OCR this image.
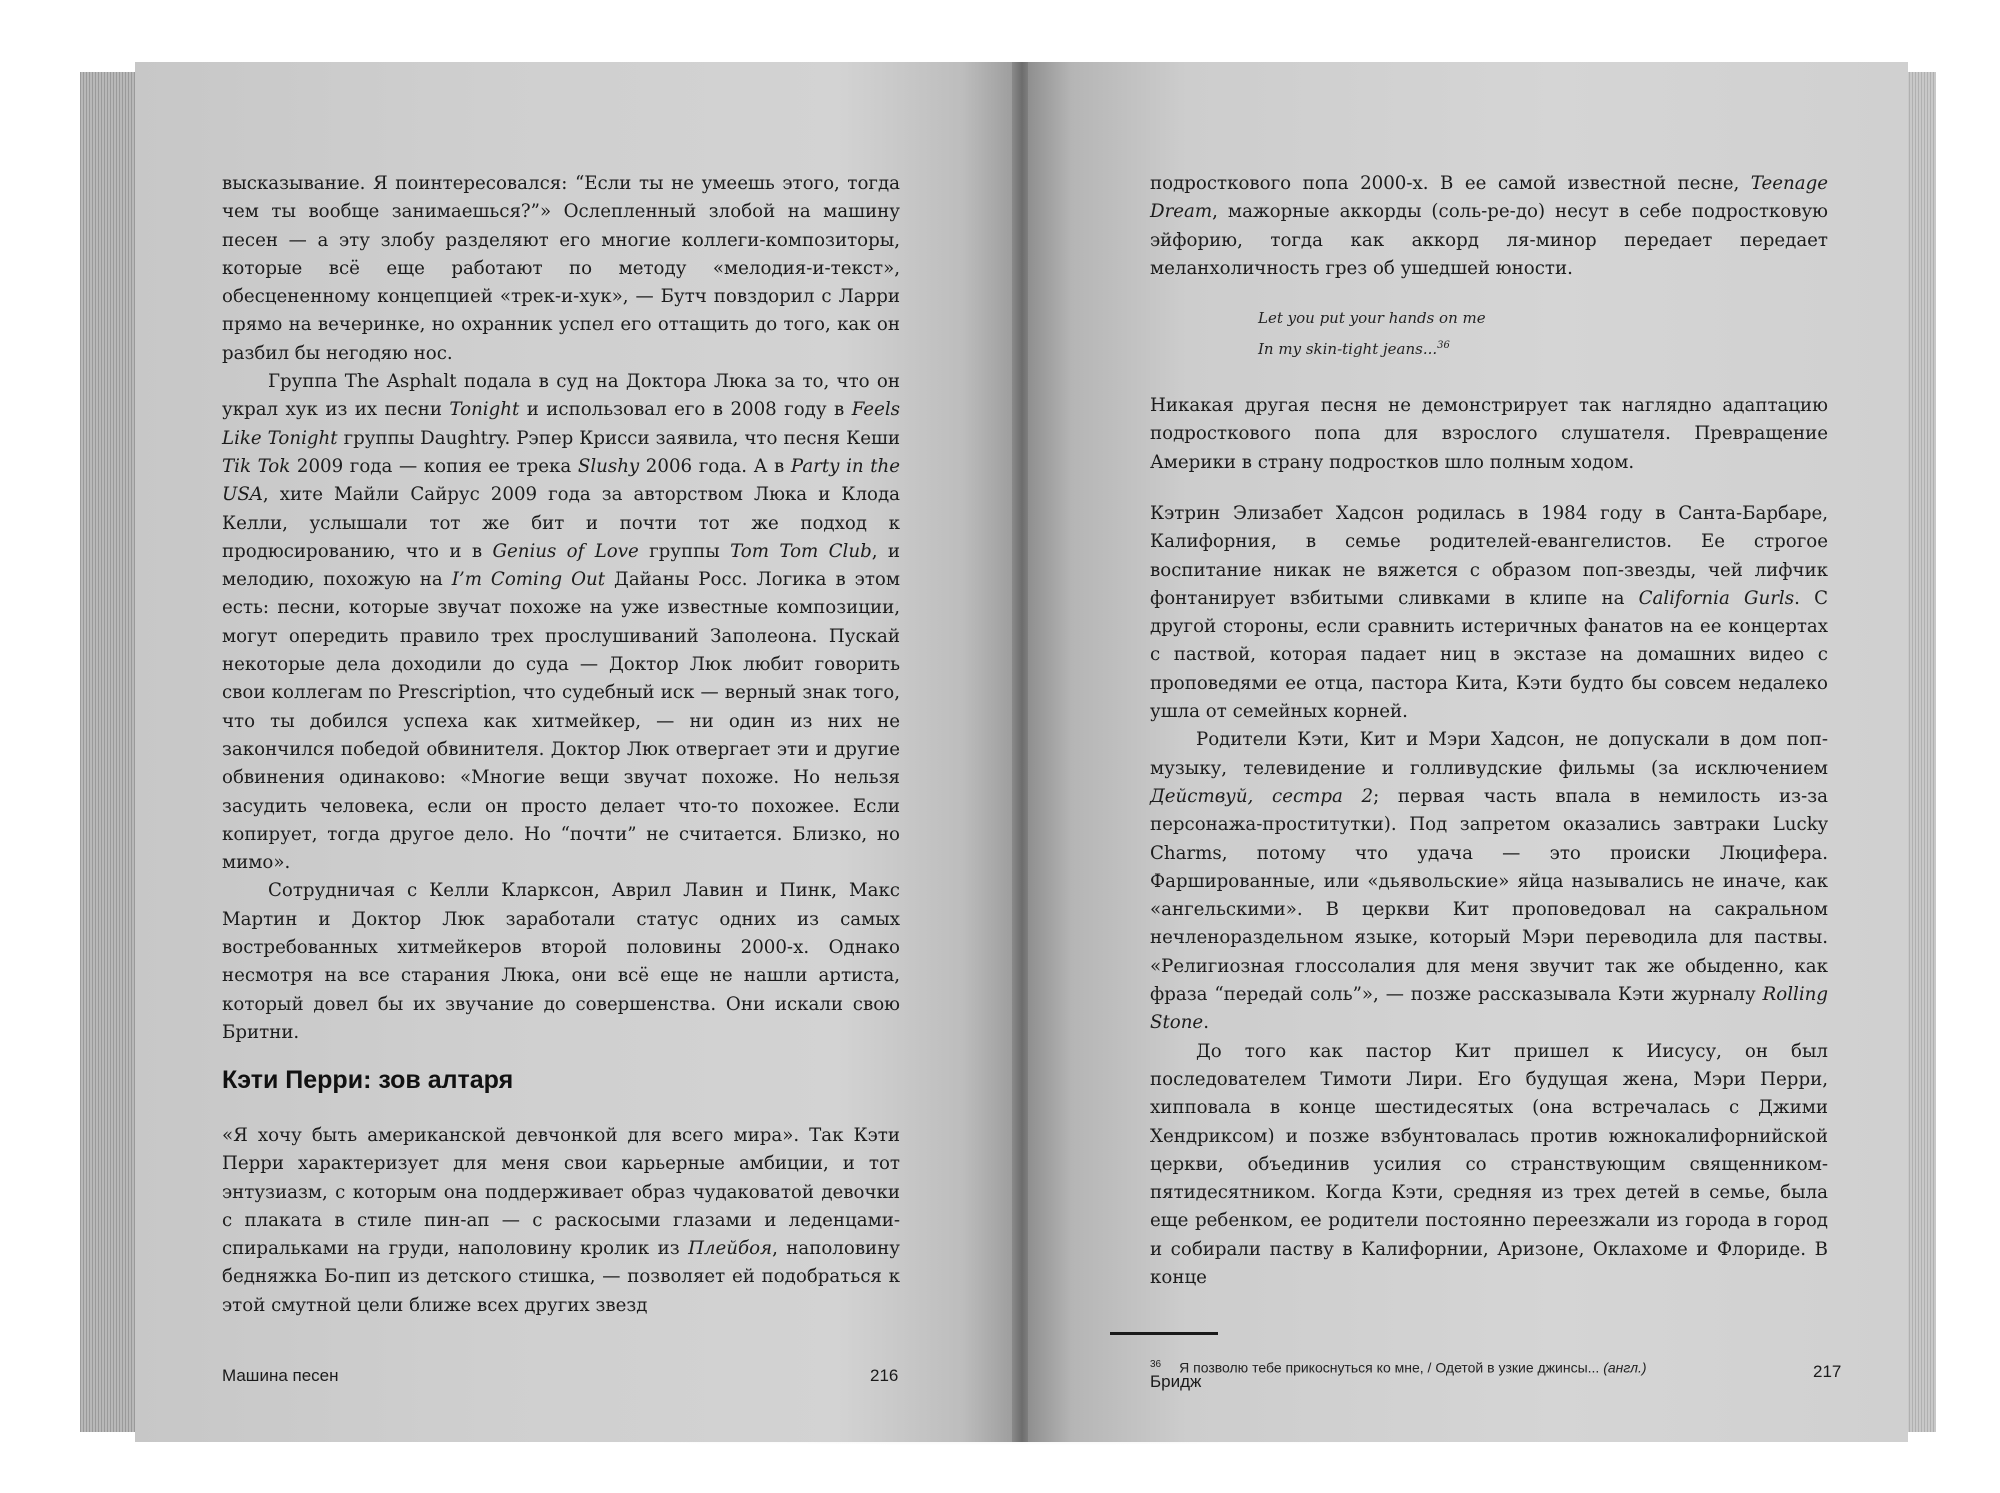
высказывание. Я поинтересовался: “Если ты не умеешь этого, тогда чем ты вообще занимаешься?”» Ослепленный злобой на машину песен — а эту злобу разделяют его многие коллеги-композиторы, которые всё еще работают по методу «мелодия-и-текст», обесцененному концепцией «трек-и-хук», — Бутч повздорил с Ларри прямо на вечеринке, но охранник успел его оттащить до того, как он разбил бы негодяю нос.

Группа The Asphalt подала в суд на Доктора Люка за то, что он украл хук из их песни Tonight и использовал его в 2008 году в Feels Like Tonight группы Daughtry. Рэпер Крисси заявила, что песня Кеши Tik Tok 2009 года — копия ее трека Slushy 2006 года. А в Party in the USA, хите Майли Сайрус 2009 года за авторством Люка и Клода Келли, услышали тот же бит и почти тот же подход к продюсированию, что и в Genius of Love группы Tom Tom Club, и мелодию, похожую на I’m Coming Out Дайаны Росс. Логика в этом есть: песни, которые звучат похоже на уже известные композиции, могут опередить правило трех прослушиваний Заполеона. Пускай некоторые дела доходили до суда — Доктор Люк любит говорить свои коллегам по Prescription, что судебный иск — верный знак того, что ты добился успеха как хитмейкер, — ни один из них не закончился победой обвинителя. Доктор Люк отвергает эти и другие обвинения одинаково: «Многие вещи звучат похоже. Но нельзя засудить человека, если он просто делает что-то похожее. Если копирует, тогда другое дело. Но “почти” не считается. Близко, но мимо».

Сотрудничая с Келли Кларксон, Аврил Лавин и Пинк, Макс Мартин и Доктор Люк заработали статус одних из самых востребованных хитмейкеров второй половины 2000-х. Однако несмотря на все старания Люка, они всё еще не нашли артиста, который довел бы их звучание до совершенства. Они искали свою Бритни.

Кэти Перри: зов алтаря

«Я хочу быть американской девчонкой для всего мира». Так Кэти Перри характеризует для меня свои карьерные амбиции, и тот энтузиазм, с которым она поддерживает образ чудаковатой девочки с плаката в стиле пин-ап — с раскосыми глазами и леденцами-спиральками на груди, наполовину кролик из Плейбоя, наполовину бедняжка Бо-пип из детского стишка, — позволяет ей подобраться к этой смутной цели ближе всех других звезд

Машина песен	216

подросткового попа 2000-х. В ее самой известной песне, Teenage Dream, мажорные аккорды (соль-ре-до) несут в себе подростковую эйфорию, тогда как аккорд ля-минор передает передает меланхоличность грез об ушедшей юности.

Let you put your hands on me
In my skin-tight jeans...$^{36}$

Никакая другая песня не демонстрирует так наглядно адаптацию подросткового попа для взрослого слушателя. Превращение Америки в страну подростков шло полным ходом.

Кэтрин Элизабет Хадсон родилась в 1984 году в Санта-Барбаре, Калифорния, в семье родителей-евангелистов. Ее строгое воспитание никак не вяжется с образом поп-звезды, чей лифчик фонтанирует взбитыми сливками в клипе на California Gurls. С другой стороны, если сравнить истеричных фанатов на ее концертах с паствой, которая падает ниц в экстазе на домашних видео с проповедями ее отца, пастора Кита, Кэти будто бы совсем недалеко ушла от семейных корней.

Родители Кэти, Кит и Мэри Хадсон, не допускали в дом поп-музыку, телевидение и голливудские фильмы (за исключением Действуй, сестра 2; первая часть впала в немилость из-за персонажа-проститутки). Под запретом оказались завтраки Lucky Charms, потому что удача — это происки Люцифера. Фаршированные, или «дьявольские» яйца назывались не иначе, как «ангельскими». В церкви Кит проповедовал на сакральном нечленораздельном языке, который Мэри переводила для паствы. «Религиозная глоссолалия для меня звучит так же обыденно, как фраза “передай соль”», — позже рассказывала Кэти журналу Rolling Stone.

До того как пастор Кит пришел к Иисусу, он был последователем Тимоти Лири. Его будущая жена, Мэри Перри, хипповала в конце шестидесятых (она встречалась с Джими Хендриксом) и позже взбунтовалась против южнокалифорнийской церкви, объединив усилия со странствующим священником-пятидесятником. Когда Кэти, средняя из трех детей в семье, была еще ребенком, ее родители постоянно переезжали из города в город и собирали паству в Калифорнии, Аризоне, Оклахоме и Флориде. В конце

$^{36}$ Я позволю тебе прикоснуться ко мне, / Одетой в узкие джинсы... (англ.)
Бридж
217
